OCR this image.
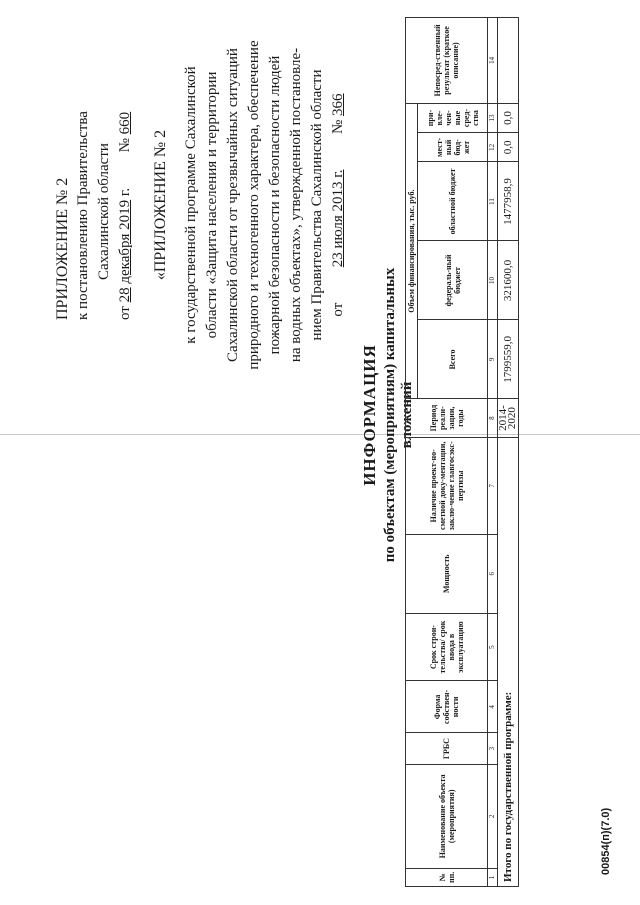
ПРИЛОЖЕНИЕ № 2 к постановлению Правительства Сахалинской области
от 28 декабря 2019 г.  № 660
«ПРИЛОЖЕНИЕ № 2 к государственной программе Сахалинской области «Защита населения и территории Сахалинской области от чрезвычайных ситуаций природного и техногенного характера, обеспечение пожарной безопасности и безопасности людей на водных объектах», утвержденной постановле- нием Правительства Сахалинской области от  23 июля 2013 г.  № 366
ИНФОРМАЦИЯ по объектам (мероприятиям) капитальных вложений
№ пп.	Наименование объекта (мероприятия)	ГРБС	Форма собствен-ности	Срок строи-тельства/ срок ввода в эксплуатацию	Мощность	Наличие проект-но-сметной доку-ментации, заклю-чение главгосэкс-пертизы	Период реали-зации, годы	Объем финансирования, тыс. руб.					Непосред-ственный результат (краткое описание)
								Всего	федераль-ный бюджет	областной бюджет	мест-ный бюд-жет	при-вле-чен-ные сред-ства	
1	2	3	4	5	6	7	8	9	10	11	12	13	14
Итого по государственной программе:							2014-2020	1799559,0	321600,0	1477958,9	0,0	0,0	
00854(п)(7.0)
